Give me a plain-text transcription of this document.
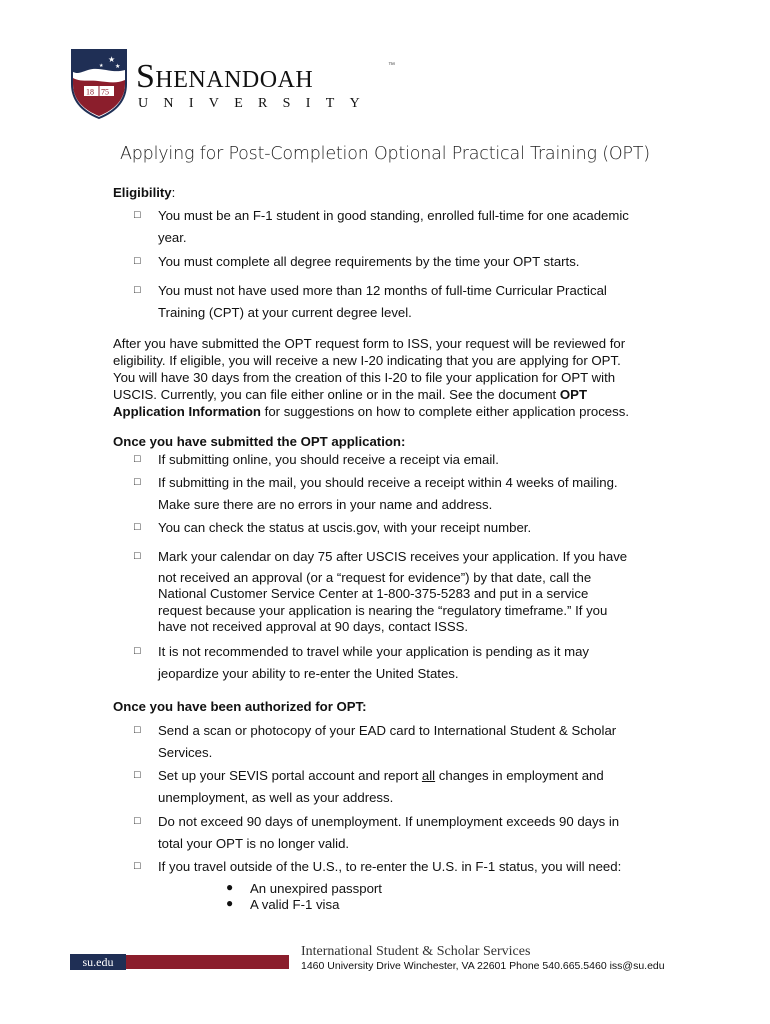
★
★
★
18 75 Shenandoah	™
UNIVERSITY
Applying for Post-Completion Optional Practical Training (OPT)
Eligibility:
□ You must be an F-1 student in good standing, enrolled full-time for one academic
year.
□ You must complete all degree requirements by the time your OPT starts.
□ You must not have used more than 12 months of full-time Curricular Practical
Training (CPT) at your current degree level.
After you have submitted the OPT request form to ISS, your request will be reviewed for
eligibility. If eligible, you will receive a new I-20 indicating that you are applying for OPT.
You will have 30 days from the creation of this I-20 to file your application for OPT with
USCIS. Currently, you can file either online or in the mail. See the document OPT
Application Information for suggestions on how to complete either application process.
Once you have submitted the OPT application:
□ If submitting online, you should receive a receipt via email.
□ If submitting in the mail, you should receive a receipt within 4 weeks of mailing.
Make sure there are no errors in your name and address.
□ You can check the status at uscis.gov, with your receipt number.
□ Mark your calendar on day 75 after USCIS receives your application. If you have
not received an approval (or a “request for evidence”) by that date, call the
National Customer Service Center at 1-800-375-5283 and put in a service
request because your application is nearing the “regulatory timeframe.” If you
have not received approval at 90 days, contact ISSS.
□ It is not recommended to travel while your application is pending as it may
jeopardize your ability to re-enter the United States.
Once you have been authorized for OPT:
□ Send a scan or photocopy of your EAD card to International Student & Scholar
Services.
□ Set up your SEVIS portal account and report all changes in employment and
unemployment, as well as your address.
□ Do not exceed 90 days of unemployment. If unemployment exceeds 90 days in
total your OPT is no longer valid.
□ If you travel outside of the U.S., to re-enter the U.S. in F-1 status, you will need:
● An unexpired passport
● A valid F-1 visa
su.edu
International Student & Scholar Services
1460 University Drive Winchester, VA 22601 Phone 540.665.5460 iss@su.edu
